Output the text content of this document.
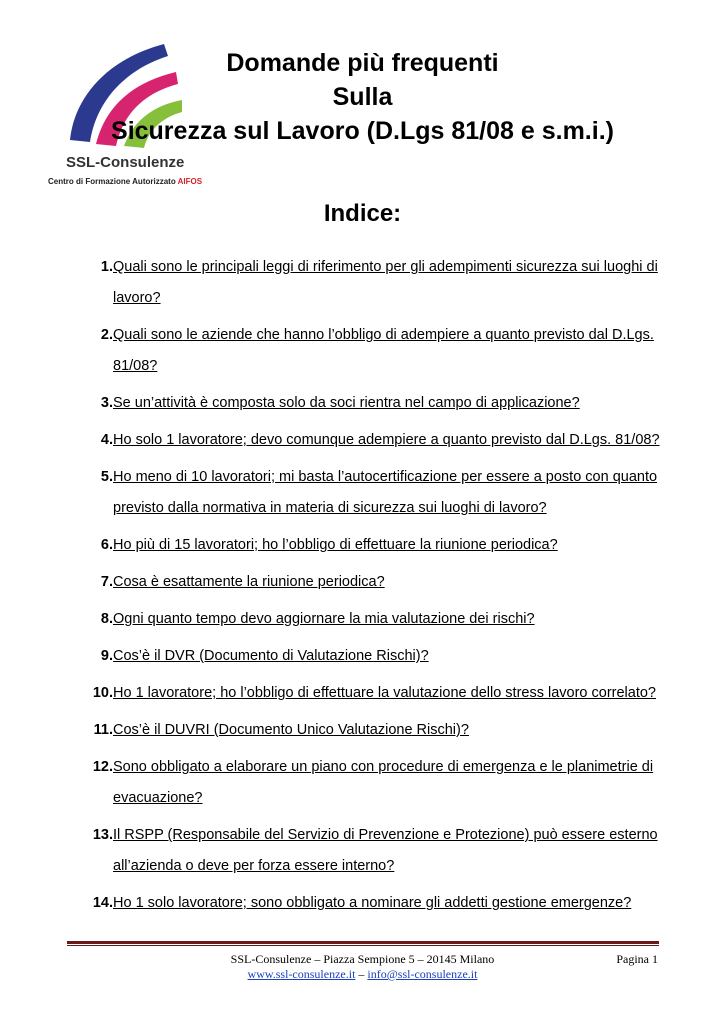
SSL-Consulenze
Centro di Formazione Autorizzato AIFOS
Domande più frequenti
Sulla
Sicurezza sul Lavoro (D.Lgs 81/08 e s.m.i.)
Indice:
1. Quali sono le principali leggi di riferimento per gli adempimenti sicurezza sui luoghi di lavoro?
2. Quali sono le aziende che hanno l’obbligo di adempiere a quanto previsto dal D.Lgs. 81/08?
3. Se un’attività è composta solo da soci rientra nel campo di applicazione?
4. Ho solo 1 lavoratore; devo comunque adempiere a quanto previsto dal D.Lgs. 81/08?
5. Ho meno di 10 lavoratori; mi basta l’autocertificazione per essere a posto con quanto previsto dalla normativa in materia di sicurezza sui luoghi di lavoro?
6. Ho più di 15 lavoratori; ho l’obbligo di effettuare la riunione periodica?
7. Cosa è esattamente la riunione periodica?
8. Ogni quanto tempo devo aggiornare la mia valutazione dei rischi?
9. Cos’è il DVR (Documento di Valutazione Rischi)?
10. Ho 1 lavoratore; ho l’obbligo di effettuare la valutazione dello stress lavoro correlato?
11. Cos’è il DUVRI (Documento Unico Valutazione Rischi)?
12. Sono obbligato a elaborare un piano con procedure di emergenza e le planimetrie di evacuazione?
13. Il RSPP (Responsabile del Servizio di Prevenzione e Protezione) può essere esterno all’azienda o deve per forza essere interno?
14. Ho 1 solo lavoratore; sono obbligato a nominare gli addetti gestione emergenze?
SSL-Consulenze – Piazza Sempione 5 – 20145 Milano	Pagina 1
www.ssl-consulenze.it – info@ssl-consulenze.it
